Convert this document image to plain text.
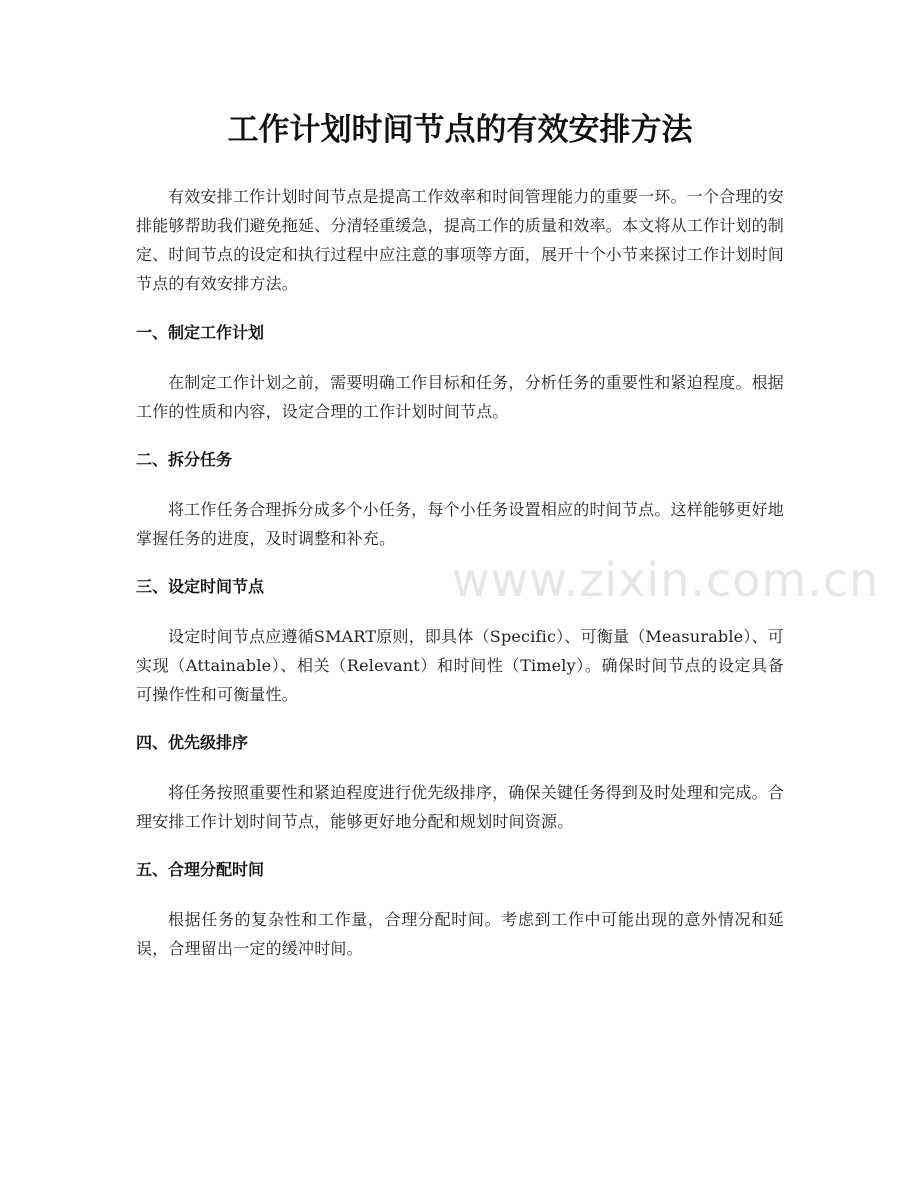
工作计划时间节点的有效安排方法

有效安排工作计划时间节点是提高工作效率和时间管理能力的重要一环。一个合理的安排能够帮助我们避免拖延、分清轻重缓急，提高工作的质量和效率。本文将从工作计划的制定、时间节点的设定和执行过程中应注意的事项等方面，展开十个小节来探讨工作计划时间节点的有效安排方法。

一、制定工作计划

在制定工作计划之前，需要明确工作目标和任务，分析任务的重要性和紧迫程度。根据工作的性质和内容，设定合理的工作计划时间节点。

二、拆分任务

将工作任务合理拆分成多个小任务，每个小任务设置相应的时间节点。这样能够更好地掌握任务的进度，及时调整和补充。

三、设定时间节点

设定时间节点应遵循SMART原则，即具体（Specific）、可衡量（Measurable）、可实现（Attainable）、相关（Relevant）和时间性（Timely）。确保时间节点的设定具备可操作性和可衡量性。

四、优先级排序

将任务按照重要性和紧迫程度进行优先级排序，确保关键任务得到及时处理和完成。合理安排工作计划时间节点，能够更好地分配和规划时间资源。

五、合理分配时间

根据任务的复杂性和工作量，合理分配时间。考虑到工作中可能出现的意外情况和延误，合理留出一定的缓冲时间。

www.zixin.com.cn
